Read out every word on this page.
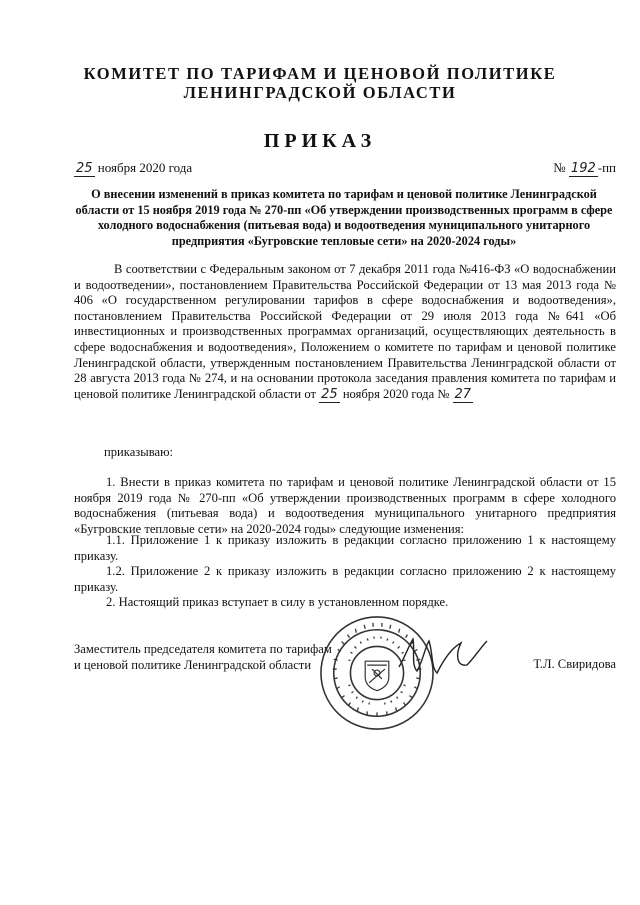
КОМИТЕТ ПО ТАРИФАМ И ЦЕНОВОЙ ПОЛИТИКЕ
ЛЕНИНГРАДСКОЙ ОБЛАСТИ
ПРИКАЗ
25 ноября 2020 года	№ 192 -пп
О внесении изменений в приказ комитета по тарифам и ценовой политике Ленинградской области от 15 ноября 2019 года № 270-пп «Об утверждении производственных программ в сфере холодного водоснабжения (питьевая вода) и водоотведения муниципального унитарного предприятия «Бугровские тепловые сети» на 2020-2024 годы»
В соответствии с Федеральным законом от 7 декабря 2011 года №416-ФЗ «О водоснабжении и водоотведении», постановлением Правительства Российской Федерации от 13 мая 2013 года № 406 «О государственном регулировании тарифов в сфере водоснабжения и водоотведения», постановлением Правительства Российской Федерации от 29 июля 2013 года №641 «Об инвестиционных и производственных программах организаций, осуществляющих деятельность в сфере водоснабжения и водоотведения», Положением о комитете по тарифам и ценовой политике Ленинградской области, утвержденным постановлением Правительства Ленинградской области от 28 августа 2013 года № 274, и на основании протокола заседания правления комитета по тарифам и ценовой политике Ленинградской области от 25 ноября 2020 года № 27
приказываю:
1. Внести в приказ комитета по тарифам и ценовой политике Ленинградской области от 15 ноября 2019 года № 270-пп «Об утверждении производственных программ в сфере холодного водоснабжения (питьевая вода) и водоотведения муниципального унитарного предприятия «Бугровские тепловые сети» на 2020-2024 годы» следующие изменения:
1.1. Приложение 1 к приказу изложить в редакции согласно приложению 1 к настоящему приказу.
1.2. Приложение 2 к приказу изложить в редакции согласно приложению 2 к настоящему приказу.
2. Настоящий приказ вступает в силу в установленном порядке.
Заместитель председателя комитета по тарифам
и ценовой политике Ленинградской области	Т.Л. Свиридова
